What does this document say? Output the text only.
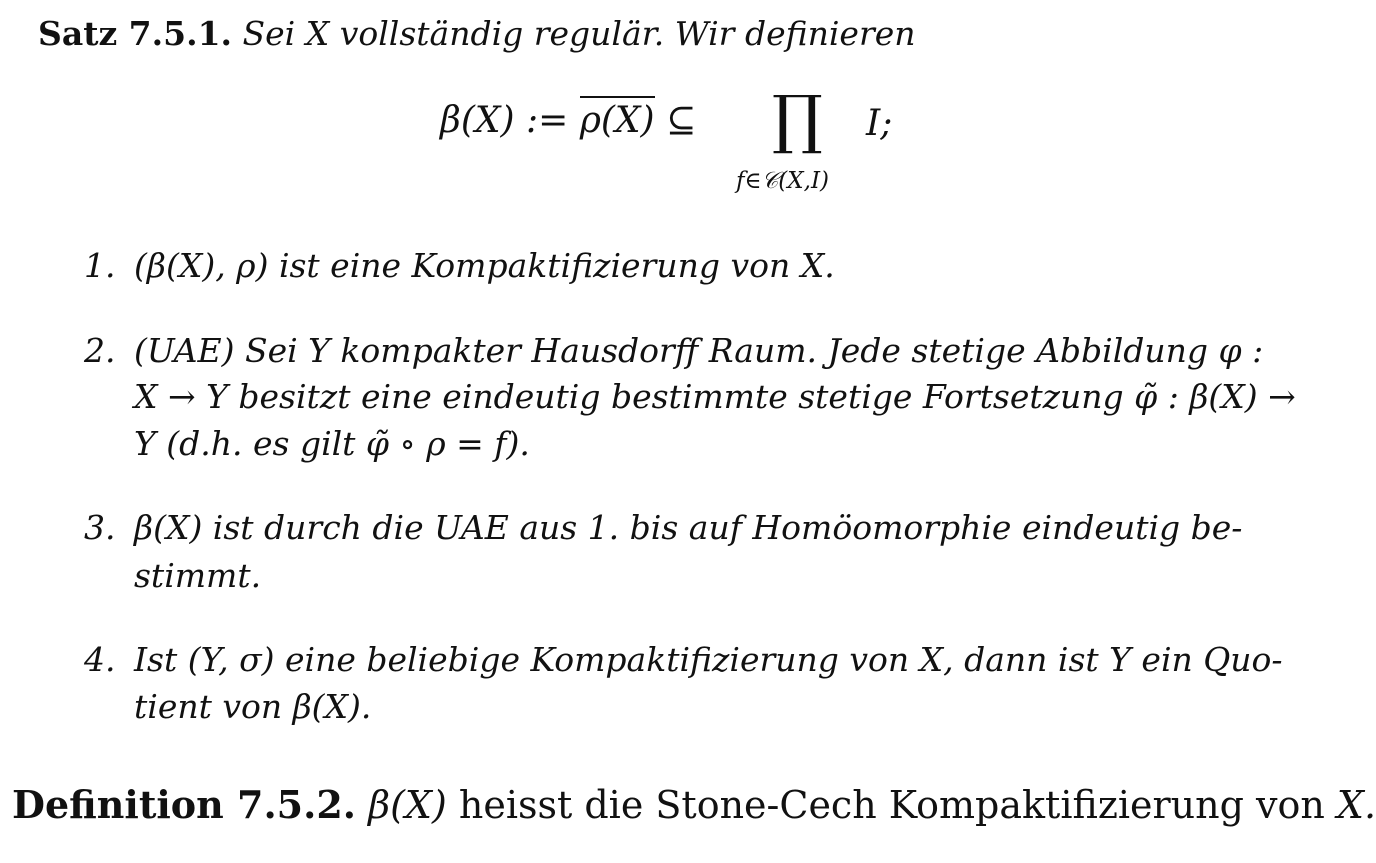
Satz 7.5.1. Sei X vollständig regulär. Wir definieren
β(X) := ρ(X) ⊆ ∏
f∈𝒞(X,I)
I;
1. (β(X), ρ) ist eine Kompaktifizierung von X.
2. (UAE) Sei Y kompakter Hausdorff Raum. Jede stetige Abbildung φ :
X → Y besitzt eine eindeutig bestimmte stetige Fortsetzung φ̃ : β(X) →
Y (d.h. es gilt φ̃ ∘ ρ = f).
3. β(X) ist durch die UAE aus 1. bis auf Homöomorphie eindeutig be-
stimmt.
4. Ist (Y, σ) eine beliebige Kompaktifizierung von X, dann ist Y ein Quo-
tient von β(X).
Definition 7.5.2. β(X) heisst die Stone-Cech Kompaktifizierung von X.
